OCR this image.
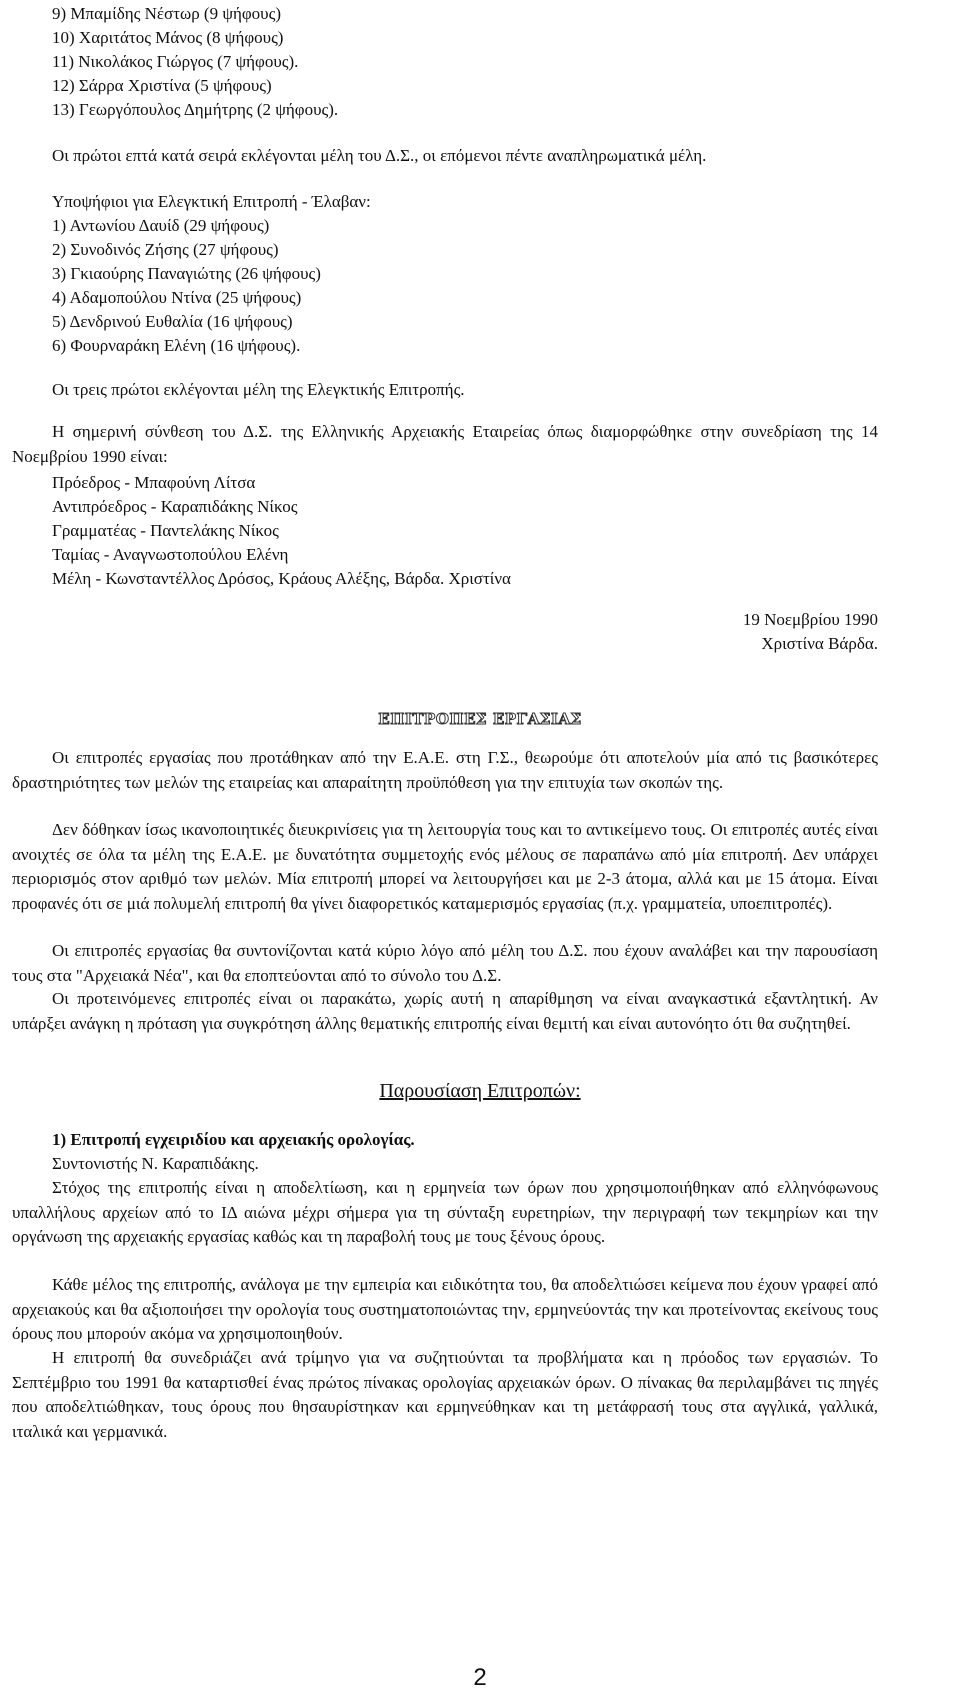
9) Μπαμίδης Νέστωρ (9 ψήφους)
10) Χαριτάτος Μάνος (8 ψήφους)
11) Νικολάκος Γιώργος (7 ψήφους).
12) Σάρρα Χριστίνα (5 ψήφους)
13) Γεωργόπουλος Δημήτρης (2 ψήφους).
Οι πρώτοι επτά κατά σειρά εκλέγονται μέλη του Δ.Σ., οι επόμενοι πέντε αναπληρωματικά μέλη.
Υποψήφιοι για Ελεγκτική Επιτροπή - Έλαβαν:
1) Αντωνίου Δαυίδ (29 ψήφους)
2) Συνοδινός Ζήσης (27 ψήφους)
3) Γκιαούρης Παναγιώτης (26 ψήφους)
4) Αδαμοπούλου Ντίνα (25 ψήφους)
5) Δενδρινού Ευθαλία (16 ψήφους)
6) Φουρναράκη Ελένη (16 ψήφους).
Οι τρεις πρώτοι εκλέγονται μέλη της Ελεγκτικής Επιτροπής.
Η σημερινή σύνθεση του Δ.Σ. της Ελληνικής Αρχειακής Εταιρείας όπως διαμορφώθηκε στην συνεδρίαση της 14 Νοεμβρίου 1990 είναι:
Πρόεδρος - Μπαφούνη Λίτσα
Αντιπρόεδρος - Καραπιδάκης Νίκος
Γραμματέας - Παντελάκης Νίκος
Ταμίας - Αναγνωστοπούλου Ελένη
Μέλη - Κωνσταντέλλος Δρόσος, Κράους Αλέξης, Βάρδα. Χριστίνα
19 Νοεμβρίου 1990
Χριστίνα Βάρδα.
ΕΠΙΤΡΟΠΕΣ ΕΡΓΑΣΙΑΣ
Οι επιτροπές εργασίας που προτάθηκαν από την Ε.Α.Ε. στη Γ.Σ., θεωρούμε ότι αποτελούν μία από τις βασικότερες δραστηριότητες των μελών της εταιρείας και απαραίτητη προϋπόθεση για την επιτυχία των σκοπών της.
Δεν δόθηκαν ίσως ικανοποιητικές διευκρινίσεις για τη λειτουργία τους και το αντικείμενο τους. Οι επιτροπές αυτές είναι ανοιχτές σε όλα τα μέλη της Ε.Α.Ε. με δυνατότητα συμμετοχής ενός μέλους σε παραπάνω από μία επιτροπή. Δεν υπάρχει περιορισμός στον αριθμό των μελών. Μία επιτροπή μπορεί να λειτουργήσει και με 2-3 άτομα, αλλά και με 15 άτομα. Είναι προφανές ότι σε μιά πολυμελή επιτροπή θα γίνει διαφορετικός καταμερισμός εργασίας (π.χ. γραμματεία, υποεπιτροπές).
Οι επιτροπές εργασίας θα συντονίζονται κατά κύριο λόγο από μέλη του Δ.Σ. που έχουν αναλάβει και την παρουσίαση τους στα "Αρχειακά Νέα", και θα εποπτεύονται από το σύνολο του Δ.Σ.
Οι προτεινόμενες επιτροπές είναι οι παρακάτω, χωρίς αυτή η απαρίθμηση να είναι αναγκαστικά εξαντλητική. Αν υπάρξει ανάγκη η πρόταση για συγκρότηση άλλης θεματικής επιτροπής είναι θεμιτή και είναι αυτονόητο ότι θα συζητηθεί.
Παρουσίαση Επιτροπών:
1) Επιτροπή εγχειριδίου και αρχειακής ορολογίας.
Συντονιστής Ν. Καραπιδάκης.
Στόχος της επιτροπής είναι η αποδελτίωση, και η ερμηνεία των όρων που χρησιμοποιήθηκαν από ελληνόφωνους υπαλλήλους αρχείων από το ΙΔ αιώνα μέχρι σήμερα για τη σύνταξη ευρετηρίων, την περιγραφή των τεκμηρίων και την οργάνωση της αρχειακής εργασίας καθώς και τη παραβολή τους με τους ξένους όρους.
Κάθε μέλος της επιτροπής, ανάλογα με την εμπειρία και ειδικότητα του, θα αποδελτιώσει κείμενα που έχουν γραφεί από αρχειακούς και θα αξιοποιήσει την ορολογία τους συστηματοποιώντας την, ερμηνεύοντάς την και προτείνοντας εκείνους τους όρους που μπορούν ακόμα να χρησιμοποιηθούν.
Η επιτροπή θα συνεδριάζει ανά τρίμηνο για να συζητιούνται τα προβλήματα και η πρόοδος των εργασιών. Το Σεπτέμβριο του 1991 θα καταρτισθεί ένας πρώτος πίνακας ορολογίας αρχειακών όρων. Ο πίνακας θα περιλαμβάνει τις πηγές που αποδελτιώθηκαν, τους όρους που θησαυρίστηκαν και ερμηνεύθηκαν και τη μετάφρασή τους στα αγγλικά, γαλλικά, ιταλικά και γερμανικά.
2
